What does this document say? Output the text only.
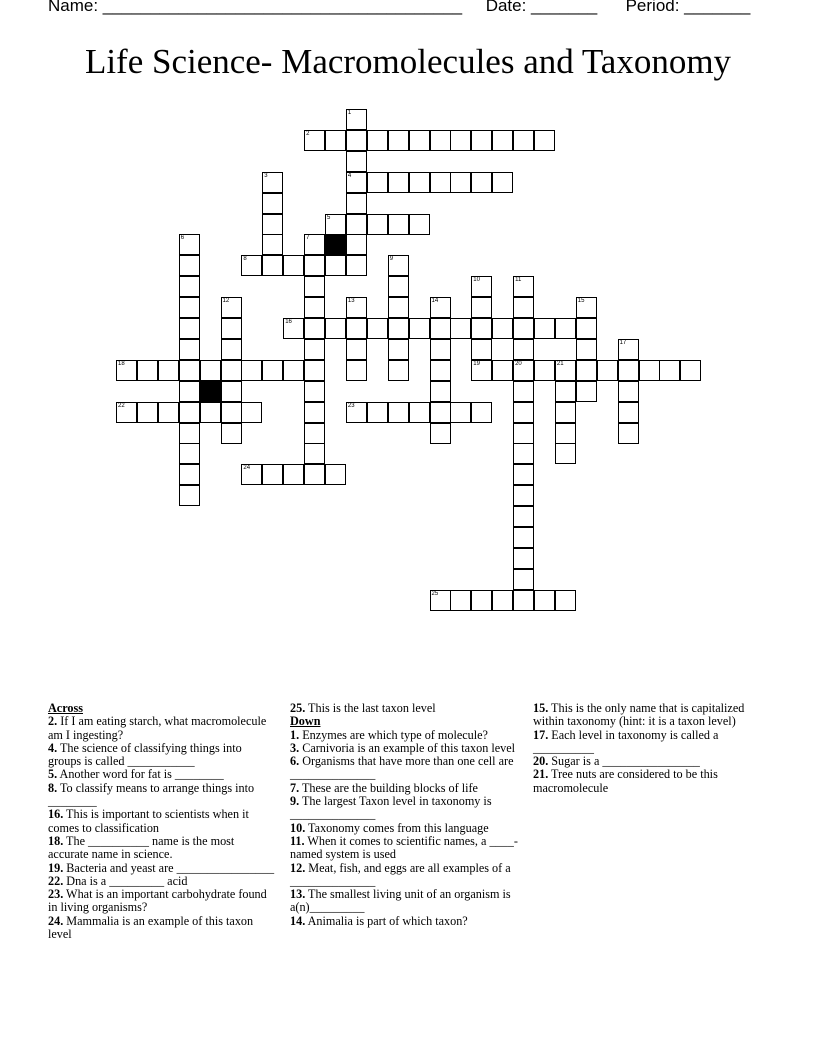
Name: ______________________________________ Date: _______ Period: _______
Life Science- Macromolecules and Taxonomy
1
4
2
3
5
6	7
8	9
10
19
11
12	13	14	15
16
17
18	20	21
22	23
24
25
Across
2. If I am eating starch, what macromolecule am I ingesting?
4. The science of classifying things into groups is called ___________
5. Another word for fat is ________
8. To classify means to arrange things into ________
16. This is important to scientists when it comes to classification
18. The __________ name is the most accurate name in science.
19. Bacteria and yeast are ________________
22. Dna is a _________ acid
23. What is an important carbohydrate found in living organisms?
24. Mammalia is an example of this taxon level
25. This is the last taxon level
Down
1. Enzymes are which type of molecule?
3. Carnivoria is an example of this taxon level
6. Organisms that have more than one cell are ______________
7. These are the building blocks of life
9. The largest Taxon level in taxonomy is ______________
10. Taxonomy comes from this language
11. When it comes to scientific names, a ____- named system is used
12. Meat, fish, and eggs are all examples of a ______________
13. The smallest living unit of an organism is a(n)_________
14. Animalia is part of which taxon?
15. This is the only name that is capitalized within taxonomy (hint: it is a taxon level)
17. Each level in taxonomy is called a __________
20. Sugar is a ________________
21. Tree nuts are considered to be this macromolecule
